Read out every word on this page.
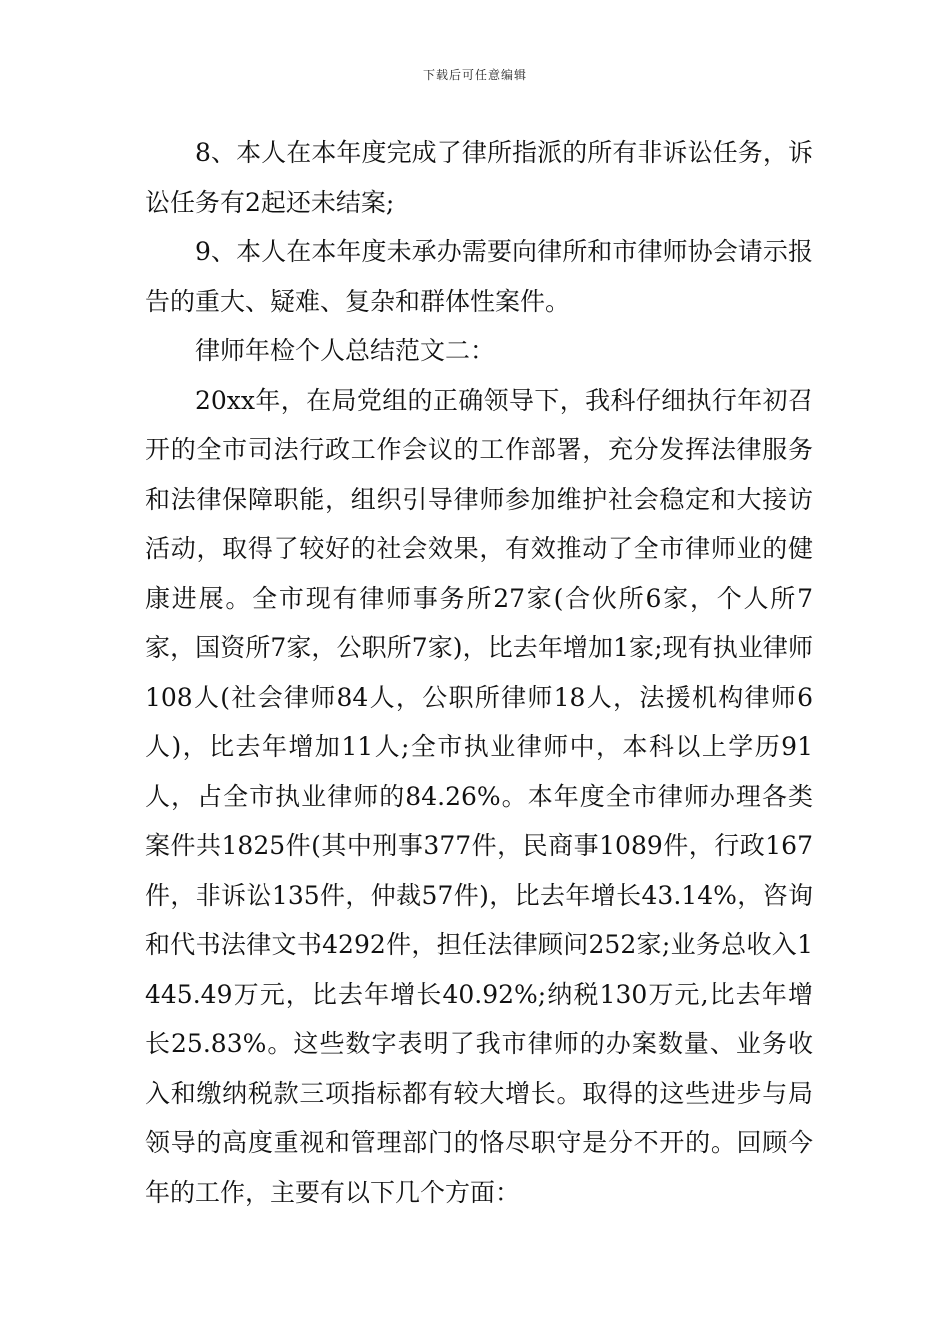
下载后可任意编辑

8、本人在本年度完成了律所指派的所有非诉讼任务，诉讼任务有2起还未结案;

9、本人在本年度未承办需要向律所和市律师协会请示报告的重大、疑难、复杂和群体性案件。

律师年检个人总结范文二：

20xx年，在局党组的正确领导下，我科仔细执行年初召开的全市司法行政工作会议的工作部署，充分发挥法律服务和法律保障职能，组织引导律师参加维护社会稳定和大接访活动，取得了较好的社会效果，有效推动了全市律师业的健康进展。全市现有律师事务所27家(合伙所6家，个人所7家，国资所7家，公职所7家)，比去年增加1家;现有执业律师108人(社会律师84人，公职所律师18人，法援机构律师6人)，比去年增加11人;全市执业律师中，本科以上学历91人，占全市执业律师的84.26%。本年度全市律师办理各类案件共1825件(其中刑事377件，民商事1089件，行政167件，非诉讼135件，仲裁57件)，比去年增长43.14%，咨询和代书法律文书4292件，担任法律顾问252家;业务总收入1445.49万元，比去年增长40.92%;纳税130万元,比去年增长25.83%。这些数字表明了我市律师的办案数量、业务收入和缴纳税款三项指标都有较大增长。取得的这些进步与局领导的高度重视和管理部门的恪尽职守是分不开的。回顾今年的工作，主要有以下几个方面：
